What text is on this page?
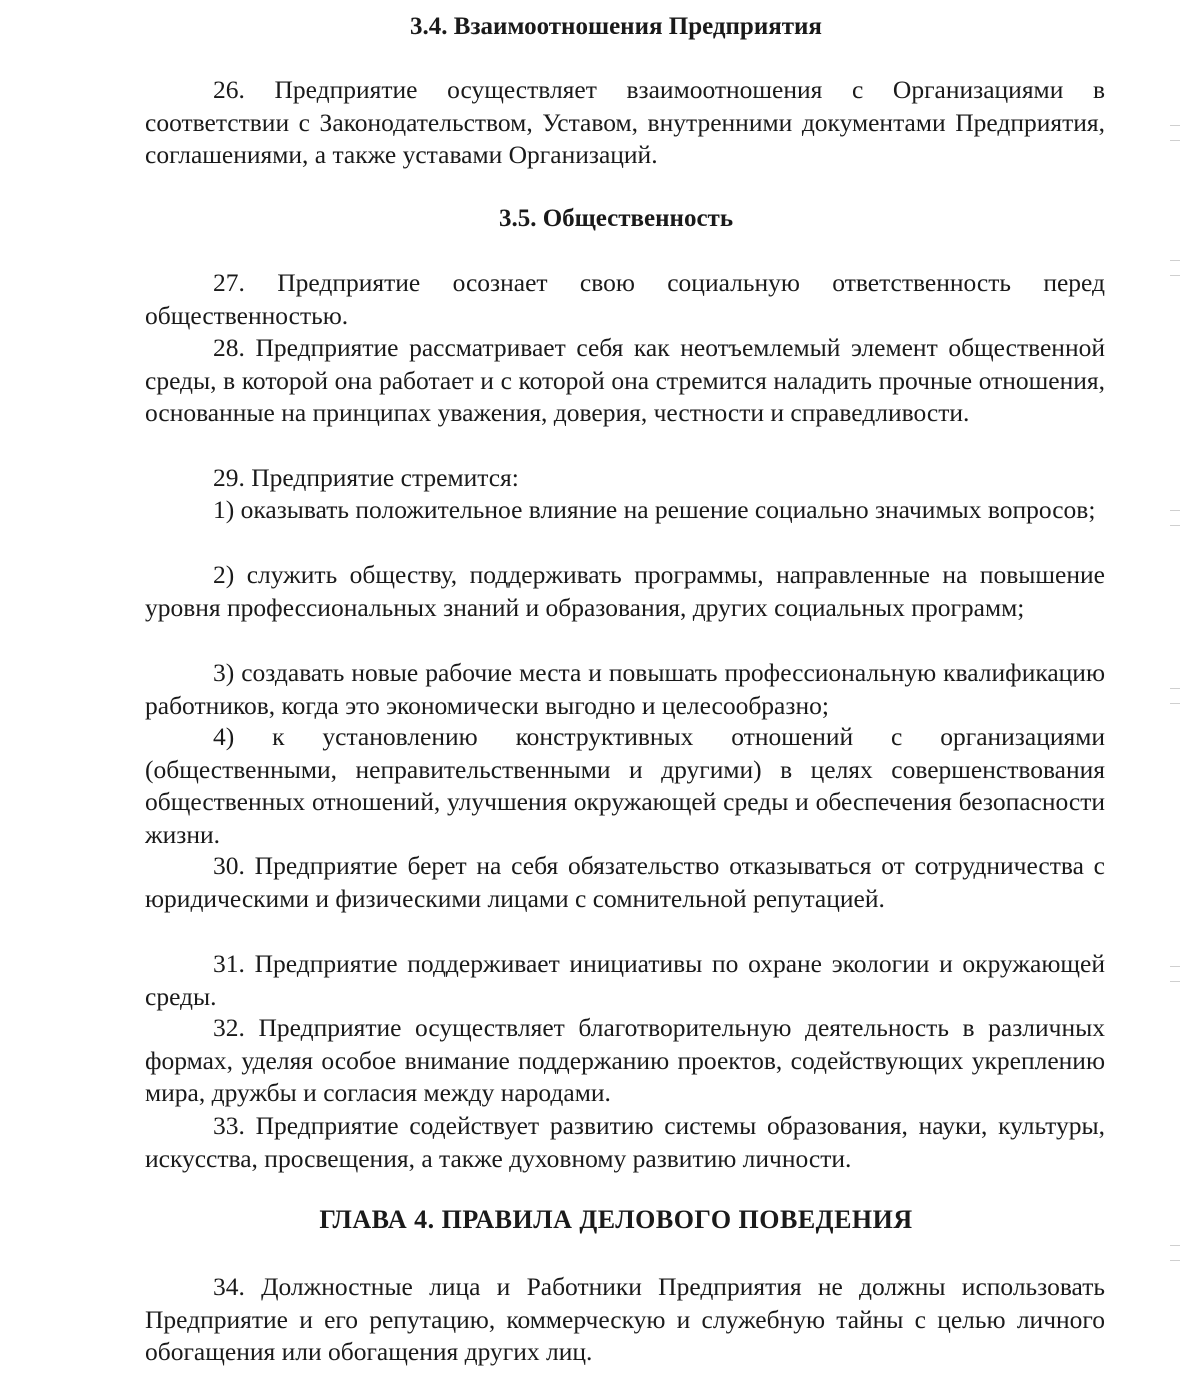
3.4. Взаимоотношения Предприятия

26. Предприятие осуществляет взаимоотношения с Организациями в соответствии с Законодательством, Уставом, внутренними документами Предприятия, соглашениями, а также уставами Организаций.

3.5. Общественность

27. Предприятие осознает свою социальную ответственность перед общественностью.

28. Предприятие рассматривает себя как неотъемлемый элемент общественной среды, в которой она работает и с которой она стремится наладить прочные отношения, основанные на принципах уважения, доверия, честности и справедливости.

29. Предприятие стремится:

1) оказывать положительное влияние на решение социально значимых вопросов;

2) служить обществу, поддерживать программы, направленные на повышение уровня профессиональных знаний и образования, других социальных программ;

3) создавать новые рабочие места и повышать профессиональную квалификацию работников, когда это экономически выгодно и целесообразно;

4) к установлению конструктивных отношений с организациями (общественными, неправительственными и другими) в целях совершенствования общественных отношений, улучшения окружающей среды и обеспечения безопасности жизни.

30. Предприятие берет на себя обязательство отказываться от сотрудничества с юридическими и физическими лицами с сомнительной репутацией.

31. Предприятие поддерживает инициативы по охране экологии и окружающей среды.

32. Предприятие осуществляет благотворительную деятельность в различных формах, уделяя особое внимание поддержанию проектов, содействующих укреплению мира, дружбы и согласия между народами.

33. Предприятие содействует развитию системы образования, науки, культуры, искусства, просвещения, а также духовному развитию личности.

ГЛАВА 4. ПРАВИЛА ДЕЛОВОГО ПОВЕДЕНИЯ

34. Должностные лица и Работники Предприятия не должны использовать Предприятие и его репутацию, коммерческую и служебную тайны с целью личного обогащения или обогащения других лиц.
